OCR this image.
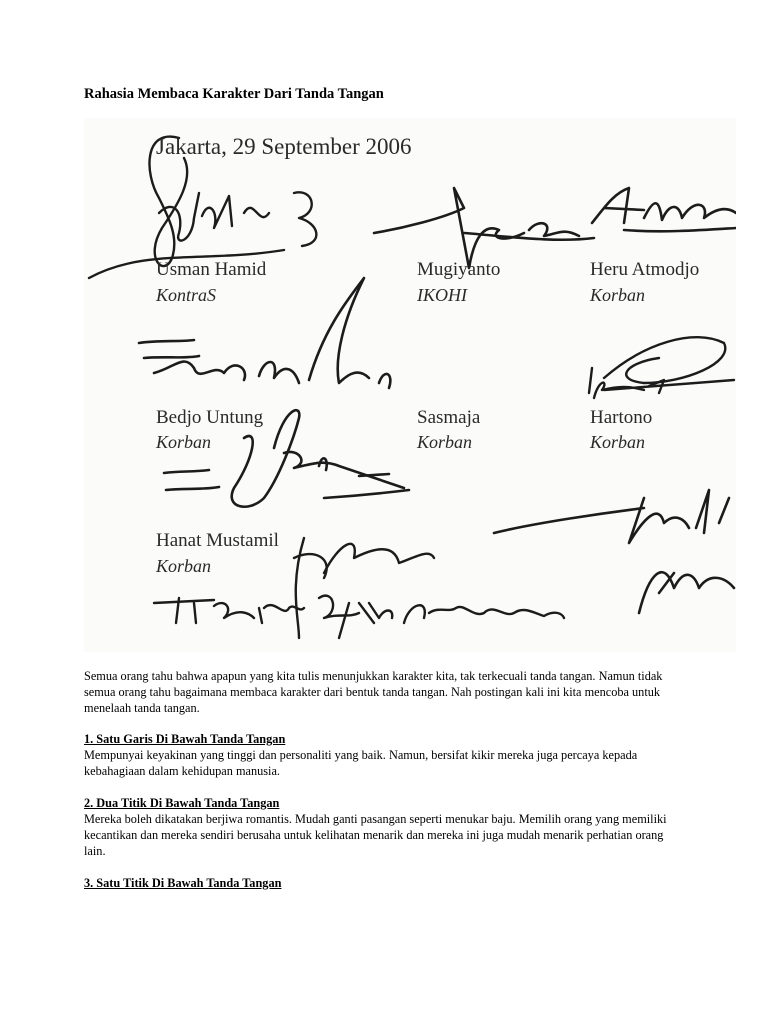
Rahasia Membaca Karakter Dari Tanda Tangan
Jakarta, 29 September 2006
Usman Hamid
KontraS
Mugiyanto
IKOHI
Heru Atmodjo
Korban
Bedjo Untung
Korban
Sasmaja
Korban
Hartono
Korban
Hanat Mustamil
Korban

Semua orang tahu bahwa apapun yang kita tulis menunjukkan karakter kita, tak terkecuali tanda tangan. Namun tidak semua orang tahu bagaimana membaca karakter dari bentuk tanda tangan. Nah postingan kali ini kita mencoba untuk menelaah tanda tangan.

1. Satu Garis Di Bawah Tanda Tangan

Mempunyai keyakinan yang tinggi dan personaliti yang baik. Namun, bersifat kikir mereka juga percaya kepada kebahagiaan dalam kehidupan manusia.

2. Dua Titik Di Bawah Tanda Tangan

Mereka boleh dikatakan berjiwa romantis. Mudah ganti pasangan seperti menukar baju. Memilih orang yang memiliki kecantikan dan mereka sendiri berusaha untuk kelihatan menarik dan mereka ini juga mudah menarik perhatian orang lain.

3. Satu Titik Di Bawah Tanda Tangan
